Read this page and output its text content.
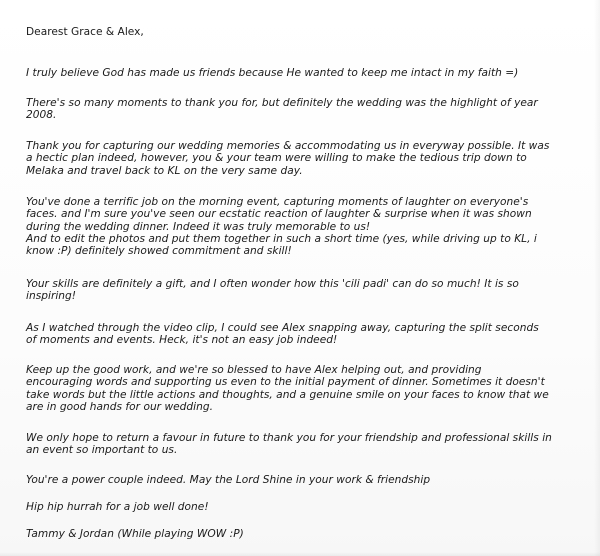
Dearest Grace & Alex,

I truly believe God has made us friends because He wanted to keep me intact in my faith =)

There's so many moments to thank you for, but definitely the wedding was the highlight of year
2008.

Thank you for capturing our wedding memories & accommodating us in everyway possible. It was
a hectic plan indeed, however, you & your team were willing to make the tedious trip down to
Melaka and travel back to KL on the very same day.

You've done a terrific job on the morning event, capturing moments of laughter on everyone's
faces. and I'm sure you've seen our ecstatic reaction of laughter & surprise when it was shown
during the wedding dinner. Indeed it was truly memorable to us!
And to edit the photos and put them together in such a short time (yes, while driving up to KL, i
know :P) definitely showed commitment and skill!

Your skills are definitely a gift, and I often wonder how this 'cili padi' can do so much! It is so
inspiring!

As I watched through the video clip, I could see Alex snapping away, capturing the split seconds
of moments and events. Heck, it's not an easy job indeed!

Keep up the good work, and we're so blessed to have Alex helping out, and providing
encouraging words and supporting us even to the initial payment of dinner. Sometimes it doesn't
take words but the little actions and thoughts, and a genuine smile on your faces to know that we
are in good hands for our wedding.

We only hope to return a favour in future to thank you for your friendship and professional skills in
an event so important to us.

You're a power couple indeed. May the Lord Shine in your work & friendship

Hip hip hurrah for a job well done!

Tammy & Jordan (While playing WOW :P)
